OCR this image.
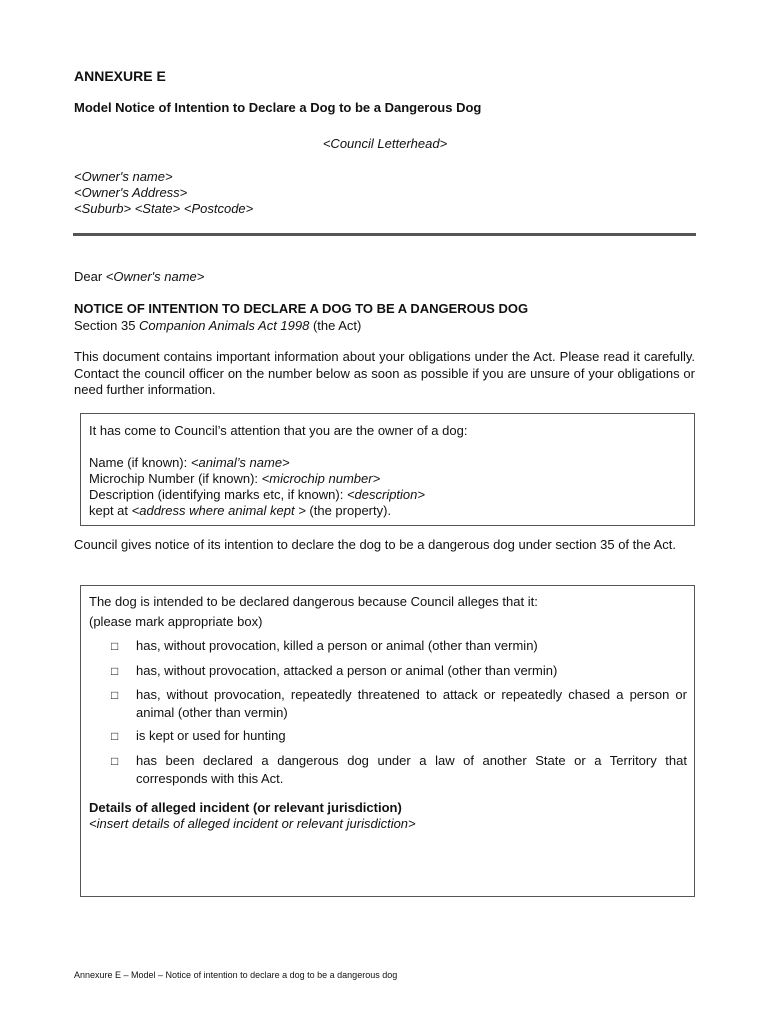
ANNEXURE E
Model Notice of Intention to Declare a Dog to be a Dangerous Dog
<Council Letterhead>
<Owner's name>
<Owner's Address>
<Suburb> <State> <Postcode>
Dear <Owner's name>
NOTICE OF INTENTION TO DECLARE A DOG TO BE A DANGEROUS DOG
Section 35 Companion Animals Act 1998 (the Act)
This document contains important information about your obligations under the Act. Please read it carefully. Contact the council officer on the number below as soon as possible if you are unsure of your obligations or need further information.
It has come to Council’s attention that you are the owner of a dog:
Name (if known): <animal’s name>
Microchip Number (if known): <microchip number>
Description (identifying marks etc, if known): <description>
kept at <address where animal kept > (the property).
Council gives notice of its intention to declare the dog to be a dangerous dog under section 35 of the Act.
The dog is intended to be declared dangerous because Council alleges that it:
(please mark appropriate box)
□ has, without provocation, killed a person or animal (other than vermin)
□ has, without provocation, attacked a person or animal (other than vermin)
□ has, without provocation, repeatedly threatened to attack or repeatedly chased a person or animal (other than vermin)
□ is kept or used for hunting
□ has been declared a dangerous dog under a law of another State or a Territory that corresponds with this Act.
Details of alleged incident (or relevant jurisdiction)
<insert details of alleged incident or relevant jurisdiction>
Annexure E – Model – Notice of intention to declare a dog to be a dangerous dog
